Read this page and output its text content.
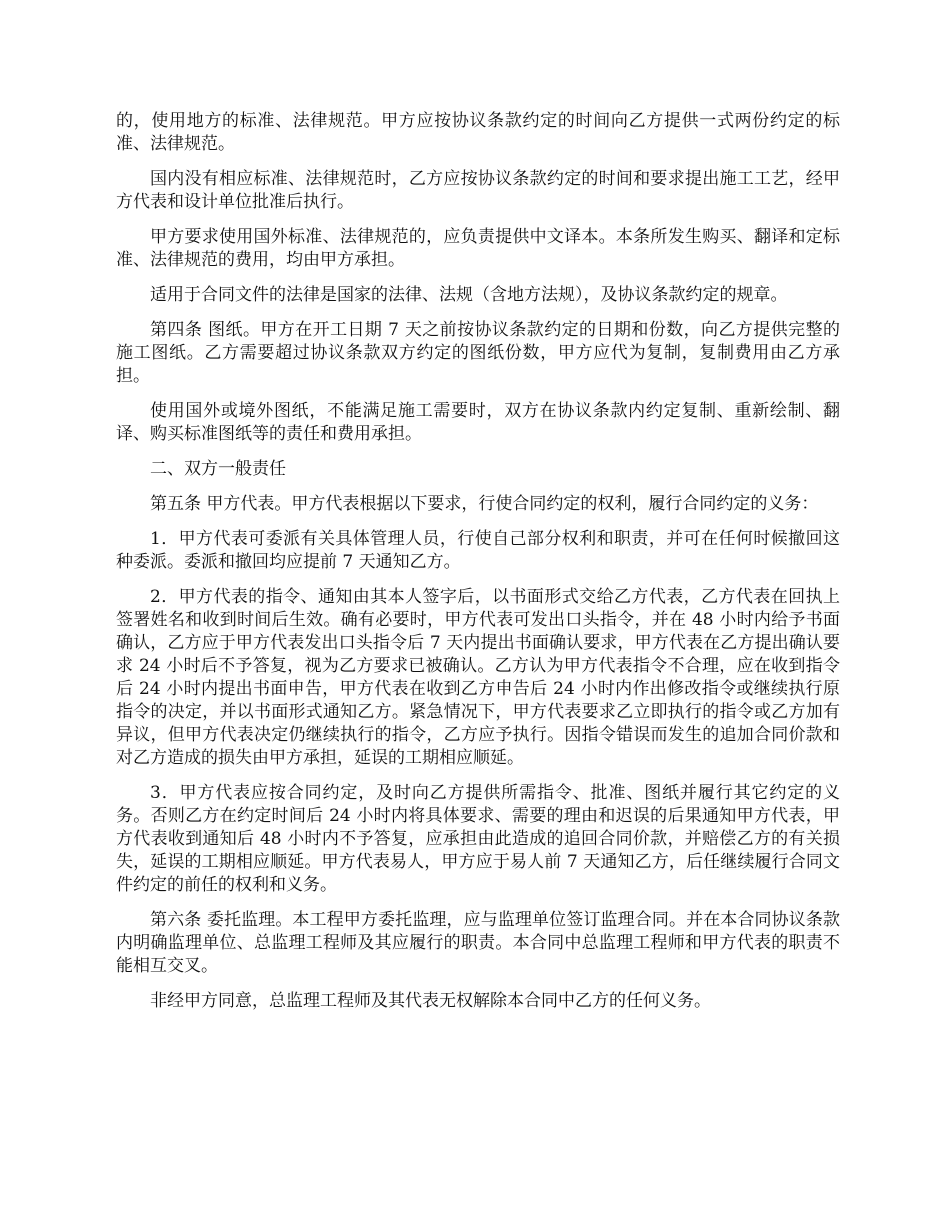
的，使用地方的标准、法律规范。甲方应按协议条款约定的时间向乙方提供一式两份约定的标准、法律规范。

国内没有相应标准、法律规范时，乙方应按协议条款约定的时间和要求提出施工工艺，经甲方代表和设计单位批准后执行。

甲方要求使用国外标准、法律规范的，应负责提供中文译本。本条所发生购买、翻译和定标准、法律规范的费用，均由甲方承担。

适用于合同文件的法律是国家的法律、法规（含地方法规），及协议条款约定的规章。

第四条 图纸。甲方在开工日期 7 天之前按协议条款约定的日期和份数，向乙方提供完整的施工图纸。乙方需要超过协议条款双方约定的图纸份数，甲方应代为复制，复制费用由乙方承担。

使用国外或境外图纸，不能满足施工需要时，双方在协议条款内约定复制、重新绘制、翻译、购买标准图纸等的责任和费用承担。

二、双方一般责任

第五条 甲方代表。甲方代表根据以下要求，行使合同约定的权利，履行合同约定的义务：

1．甲方代表可委派有关具体管理人员，行使自己部分权利和职责，并可在任何时候撤回这种委派。委派和撤回均应提前 7 天通知乙方。

2．甲方代表的指令、通知由其本人签字后，以书面形式交给乙方代表，乙方代表在回执上签署姓名和收到时间后生效。确有必要时，甲方代表可发出口头指令，并在 48 小时内给予书面确认，乙方应于甲方代表发出口头指令后 7 天内提出书面确认要求，甲方代表在乙方提出确认要求 24 小时后不予答复，视为乙方要求已被确认。乙方认为甲方代表指令不合理，应在收到指令后 24 小时内提出书面申告，甲方代表在收到乙方申告后 24 小时内作出修改指令或继续执行原指令的决定，并以书面形式通知乙方。紧急情况下，甲方代表要求乙立即执行的指令或乙方加有异议，但甲方代表决定仍继续执行的指令，乙方应予执行。因指令错误而发生的追加合同价款和对乙方造成的损失由甲方承担，延误的工期相应顺延。

3．甲方代表应按合同约定，及时向乙方提供所需指令、批准、图纸并履行其它约定的义务。否则乙方在约定时间后 24 小时内将具体要求、需要的理由和迟误的后果通知甲方代表，甲方代表收到通知后 48 小时内不予答复，应承担由此造成的追回合同价款，并赔偿乙方的有关损失，延误的工期相应顺延。甲方代表易人，甲方应于易人前 7 天通知乙方，后任继续履行合同文件约定的前任的权利和义务。

第六条 委托监理。本工程甲方委托监理，应与监理单位签订监理合同。并在本合同协议条款内明确监理单位、总监理工程师及其应履行的职责。本合同中总监理工程师和甲方代表的职责不能相互交叉。

非经甲方同意，总监理工程师及其代表无权解除本合同中乙方的任何义务。
